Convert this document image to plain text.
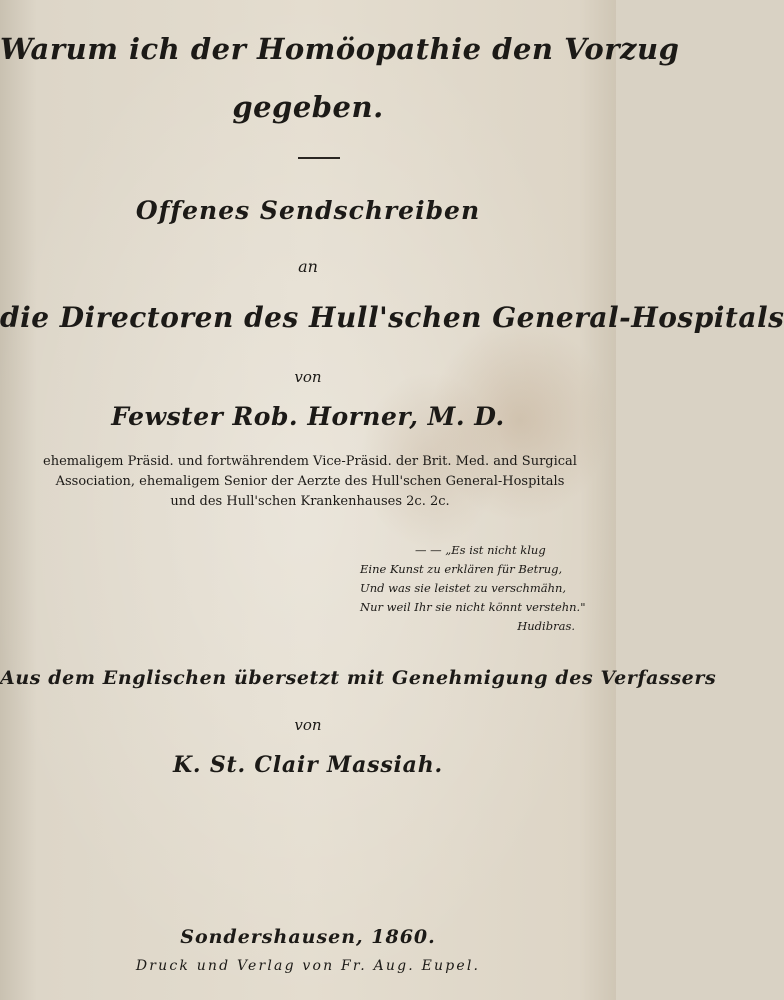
Warum ich der Homöopathie den Vorzug
gegeben.
Offenes Sendschreiben
an
die Directoren des Hull'schen General-Hospitals
von
Fewster Rob. Horner, M. D.
ehemaligem Präsid. und fortwährendem Vice-Präsid. der Brit. Med. and Surgical
Association, ehemaligem Senior der Aerzte des Hull'schen General-Hospitals
und des Hull'schen Krankenhauses 2c. 2c.
— — „Es ist nicht klug
Eine Kunst zu erklären für Betrug,
Und was sie leistet zu verschmähn,
Nur weil Ihr sie nicht könnt verstehn."
Hudibras.
Aus dem Englischen übersetzt mit Genehmigung des Verfassers
von
K. St. Clair Massiah.
Sondershausen, 1860.
Druck und Verlag von Fr. Aug. Eupel.
